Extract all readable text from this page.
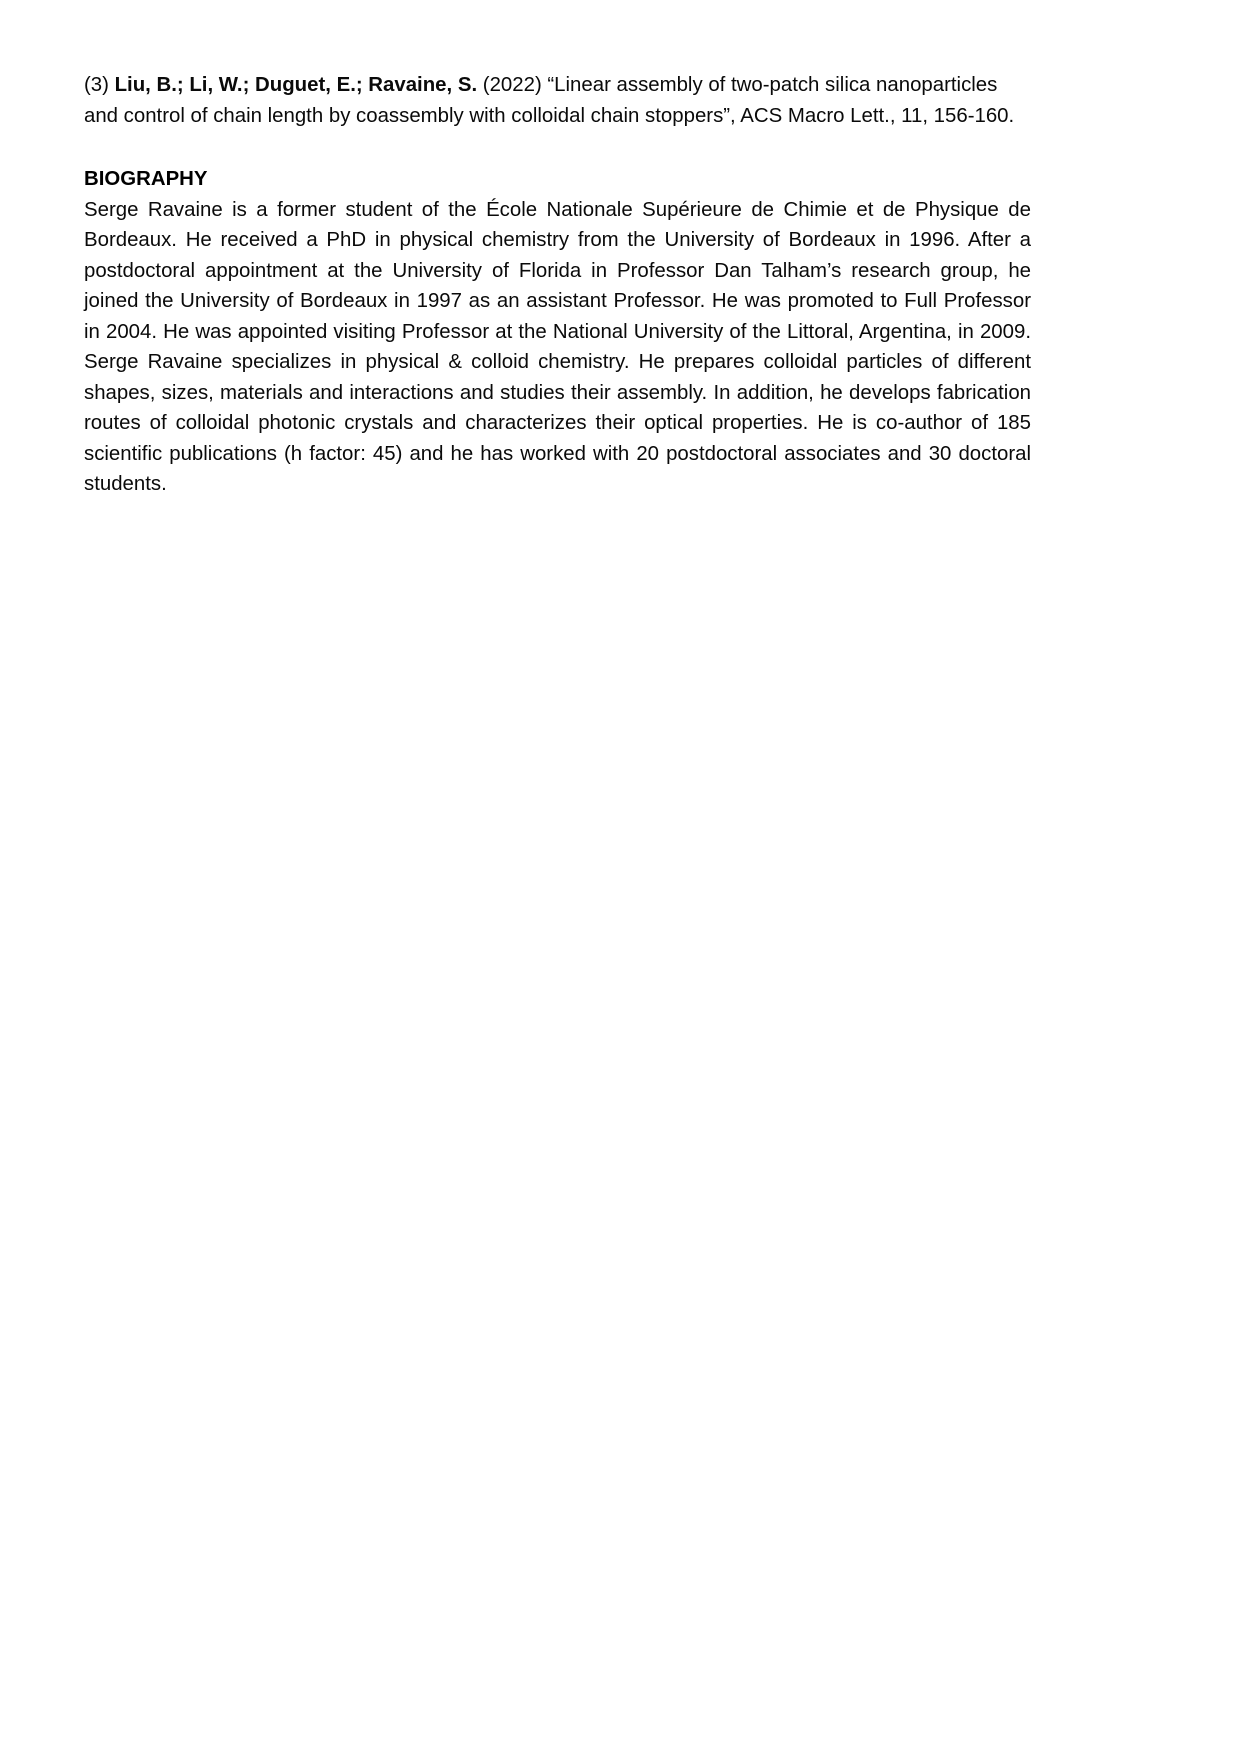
(3) Liu, B.; Li, W.; Duguet, E.; Ravaine, S. (2022) “Linear assembly of two-patch silica nanoparticles and control of chain length by coassembly with colloidal chain stoppers”, ACS Macro Lett., 11, 156-160.

BIOGRAPHY

Serge Ravaine is a former student of the École Nationale Supérieure de Chimie et de Physique de Bordeaux. He received a PhD in physical chemistry from the University of Bordeaux in 1996. After a postdoctoral appointment at the University of Florida in Professor Dan Talham’s research group, he joined the University of Bordeaux in 1997 as an assistant Professor. He was promoted to Full Professor in 2004. He was appointed visiting Professor at the National University of the Littoral, Argentina, in 2009. Serge Ravaine specializes in physical & colloid chemistry. He prepares colloidal particles of different shapes, sizes, materials and interactions and studies their assembly. In addition, he develops fabrication routes of colloidal photonic crystals and characterizes their optical properties. He is co-author of 185 scientific publications (h factor: 45) and he has worked with 20 postdoctoral associates and 30 doctoral students.
